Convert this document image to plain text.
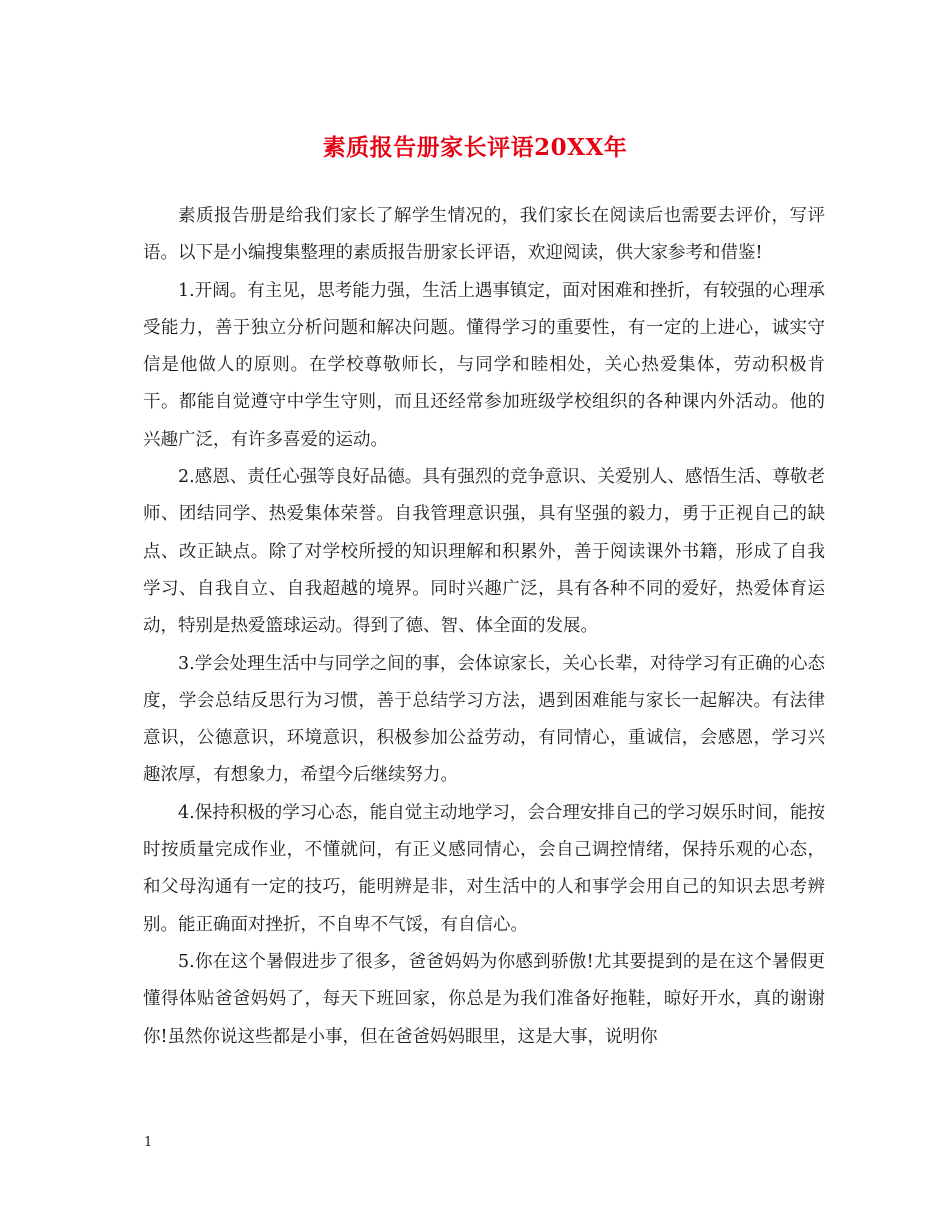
素质报告册家长评语20XX年

素质报告册是给我们家长了解学生情况的，我们家长在阅读后也需要去评价，写评语。以下是小编搜集整理的素质报告册家长评语，欢迎阅读，供大家参考和借鉴!

1.开阔。有主见，思考能力强，生活上遇事镇定，面对困难和挫折，有较强的心理承受能力，善于独立分析问题和解决问题。懂得学习的重要性，有一定的上进心，诚实守信是他做人的原则。在学校尊敬师长，与同学和睦相处，关心热爱集体，劳动积极肯干。都能自觉遵守中学生守则，而且还经常参加班级学校组织的各种课内外活动。他的兴趣广泛，有许多喜爱的运动。

2.感恩、责任心强等良好品德。具有强烈的竞争意识、关爱别人、感悟生活、尊敬老师、团结同学、热爱集体荣誉。自我管理意识强，具有坚强的毅力，勇于正视自己的缺点、改正缺点。除了对学校所授的知识理解和积累外，善于阅读课外书籍，形成了自我学习、自我自立、自我超越的境界。同时兴趣广泛，具有各种不同的爱好，热爱体育运动，特别是热爱篮球运动。得到了德、智、体全面的发展。

3.学会处理生活中与同学之间的事，会体谅家长，关心长辈，对待学习有正确的心态度，学会总结反思行为习惯，善于总结学习方法，遇到困难能与家长一起解决。有法律意识，公德意识，环境意识，积极参加公益劳动，有同情心，重诚信，会感恩，学习兴趣浓厚，有想象力，希望今后继续努力。

4.保持积极的学习心态，能自觉主动地学习，会合理安排自己的学习娱乐时间，能按时按质量完成作业，不懂就问，有正义感同情心，会自己调控情绪，保持乐观的心态，和父母沟通有一定的技巧，能明辨是非，对生活中的人和事学会用自己的知识去思考辨别。能正确面对挫折，不自卑不气馁，有自信心。

5.你在这个暑假进步了很多，爸爸妈妈为你感到骄傲!尤其要提到的是在这个暑假更懂得体贴爸爸妈妈了，每天下班回家，你总是为我们准备好拖鞋，晾好开水，真的谢谢你!虽然你说这些都是小事，但在爸爸妈妈眼里，这是大事，说明你

1
